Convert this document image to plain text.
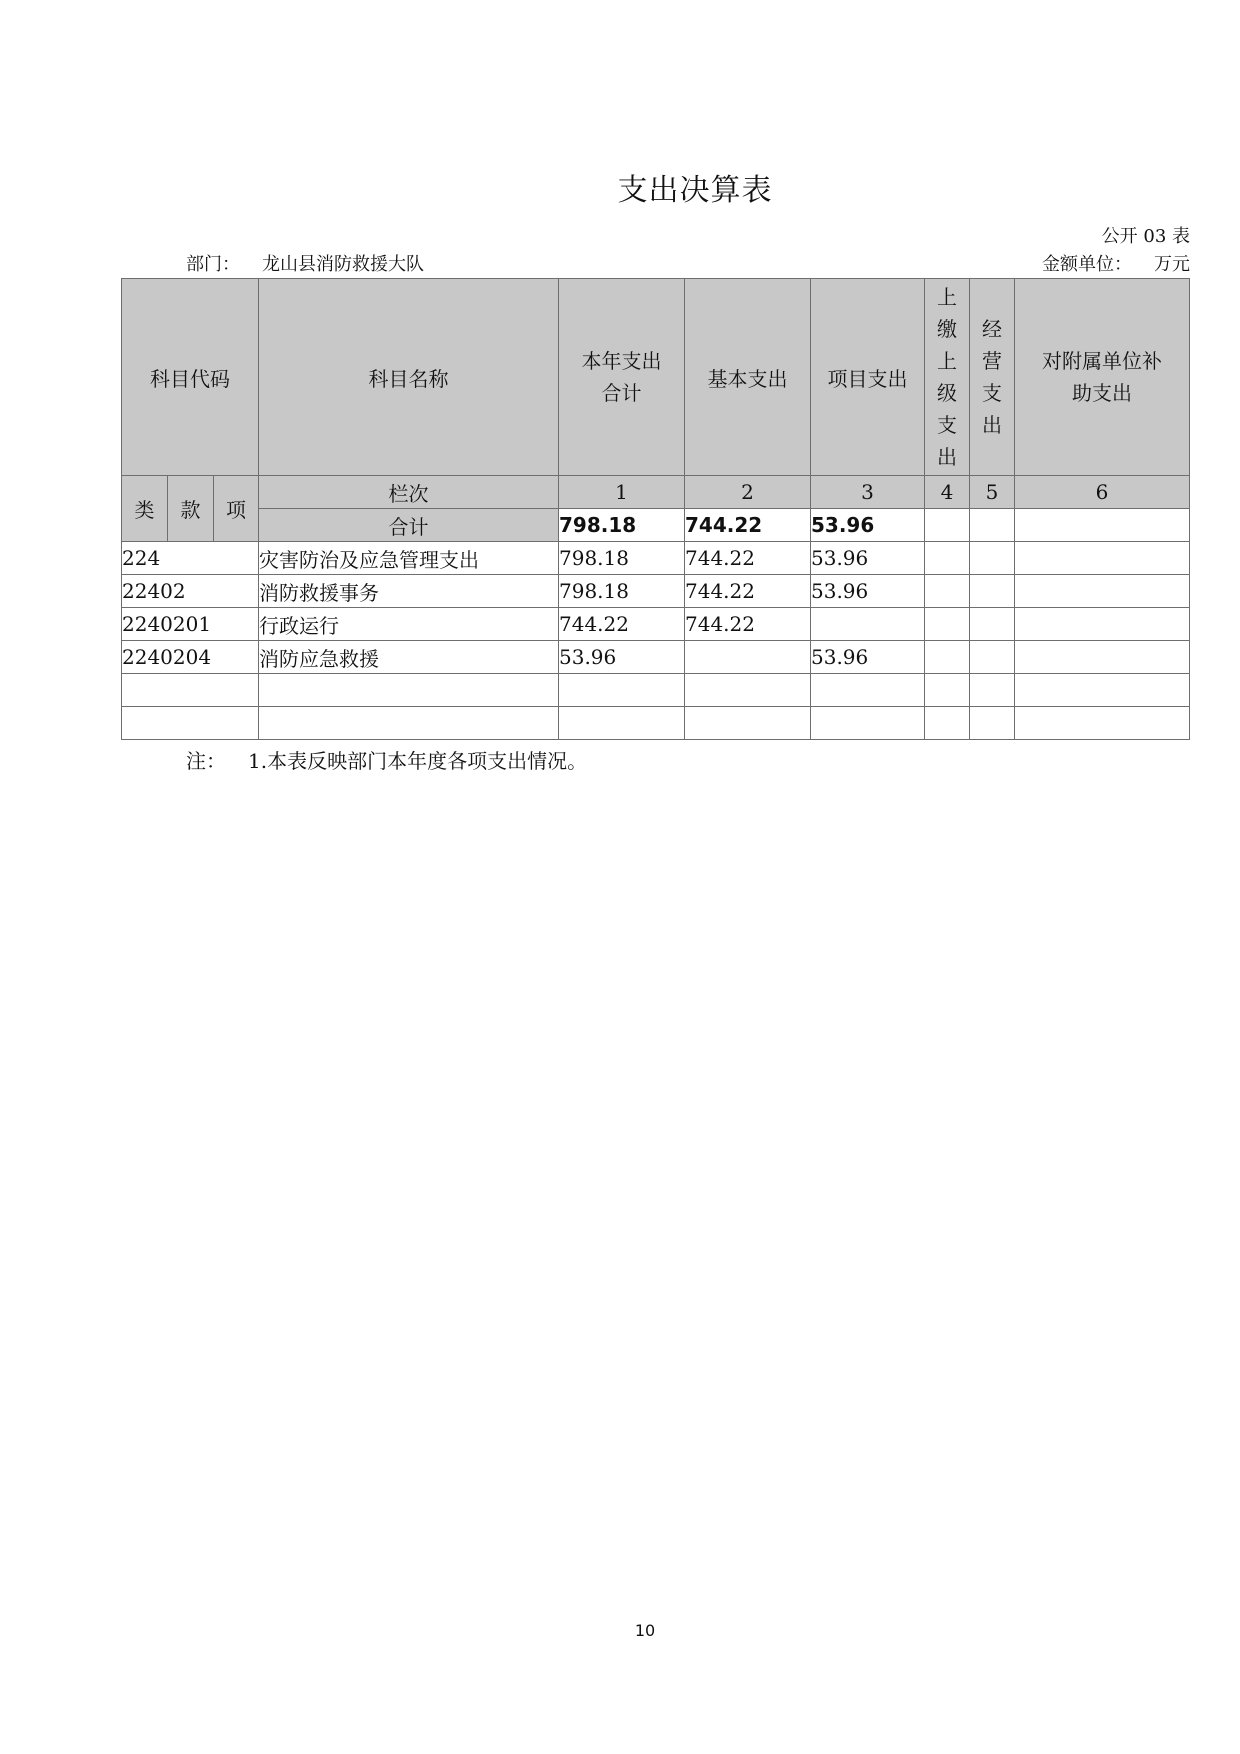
支出决算表
公开 03 表
部门： 龙山县消防救援大队	金额单位： 万元
科目代码			科目名称	本年支出合计	基本支出	项目支出	上缴上级支出	经营支出	对附属单位补助支出
类	款	项	栏次	1	2	3	4	5	6
			合计	798.18	744.22	53.96			
224			灾害防治及应急管理支出	798.18	744.22	53.96			
22402			消防救援事务	798.18	744.22	53.96			
2240201			行政运行	744.22	744.22				
2240204			消防应急救援	53.96		53.96			

注： 1.本表反映部门本年度各项支出情况。
10
